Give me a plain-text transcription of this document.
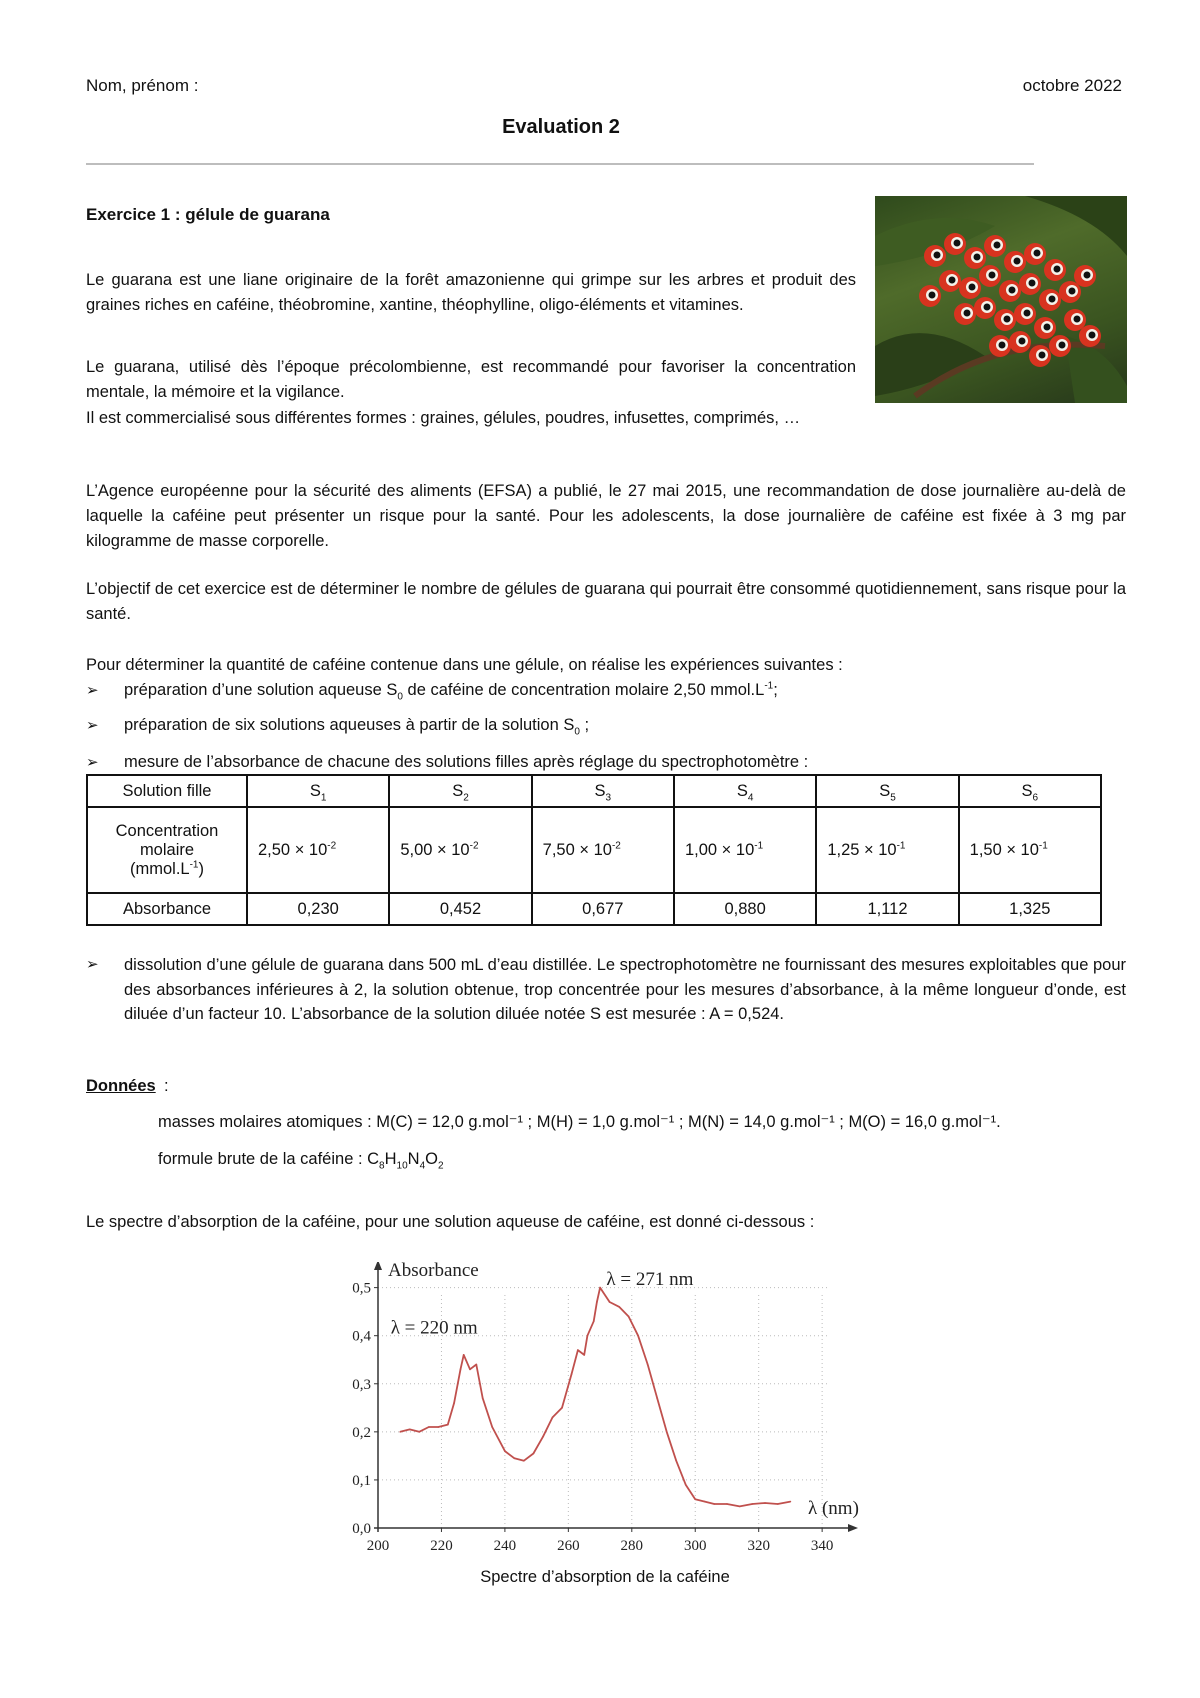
Nom, prénom :	octobre 2022
Evaluation 2
Exercice 1 : gélule de guarana

Le guarana est une liane originaire de la forêt amazonienne qui grimpe sur les arbres et produit des graines riches en caféine, théobromine, xantine, théophylline, oligo-éléments et vitamines.

Le guarana, utilisé dès l’époque précolombienne, est recommandé pour favoriser la concentration mentale, la mémoire et la vigilance.

Il est commercialisé sous différentes formes : graines, gélules, poudres, infusettes, comprimés, …

L’Agence européenne pour la sécurité des aliments (EFSA) a publié, le 27 mai 2015, une recommandation de dose journalière au-delà de laquelle la caféine peut présenter un risque pour la santé. Pour les adolescents, la dose journalière de caféine est fixée à 3 mg par kilogramme de masse corporelle.

L’objectif de cet exercice est de déterminer le nombre de gélules de guarana qui pourrait être consommé quotidiennement, sans risque pour la santé.

Pour déterminer la quantité de caféine contenue dans une gélule, on réalise les expériences suivantes :

➢ préparation d’une solution aqueuse $S_0$ de caféine de concentration molaire 2,50 $mmol.L^{-1}$;
➢ préparation de six solutions aqueuses à partir de la solution $S_0$ ;
➢ mesure de l’absorbance de chacune des solutions filles après réglage du spectrophotomètre :
Solution fille	$S_1$	$S_2$	$S_3$	$S_4$	$S_5$	$S_6$

Concentration
molaire
$(mmol.L^{-1})$	$2,50 \times 10^{-2}$	$5,00 \times 10^{-2}$	$7,50 \times 10^{-2}$	$1,00 \times 10^{-1}$	$1,25 \times 10^{-1}$	$1,50 \times 10^{-1}$
Absorbance	0,230	0,452	0,677	0,880	1,112	1,325
➢ dissolution d’une gélule de guarana dans 500 mL d’eau distillée. Le spectrophotomètre ne fournissant des mesures exploitables que pour des absorbances inférieures à 2, la solution obtenue, trop concentrée pour les mesures d’absorbance, à la même longueur d’onde, est diluée d’un facteur 10. L’absorbance de la solution diluée notée S est mesurée : A = 0,524.
Données :
masses molaires atomiques : M(C) = 12,0 g.mol⁻¹ ; M(H) = 1,0 g.mol⁻¹ ; M(N) = 14,0 g.mol⁻¹ ; M(O) = 16,0 g.mol⁻¹.
formule brute de la caféine : $C_8H_{10}N_4O_2$
Le spectre d’absorption de la caféine, pour une solution aqueuse de caféine, est donné ci-dessous :
0,0
0,1
0,2
0,3
0,4
0,5
200	220	240	260	280	300	320	340
Absorbance
λ (nm)
λ = 220 nm
λ = 271 nm
Spectre d’absorption de la caféine
